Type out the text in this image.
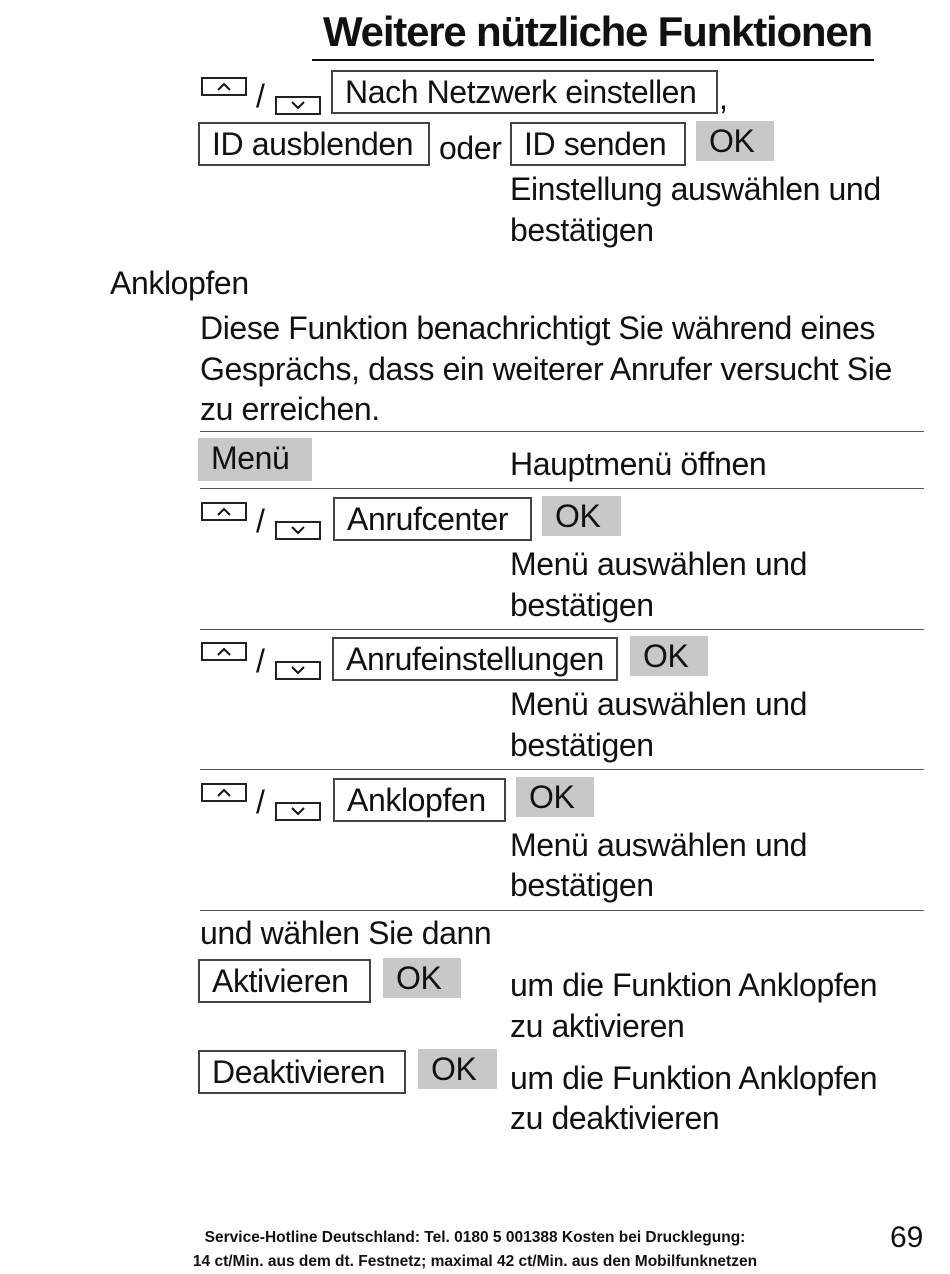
Weitere nützliche Funktionen
/	Nach Netzwerk einstellen ,
ID ausblenden oder ID senden	OK
Einstellung auswählen und
bestätigen
Anklopfen
Diese Funktion benachrichtigt Sie während eines
Gesprächs, dass ein weiterer Anrufer versucht Sie
zu erreichen.
Menü	Hauptmenü öffnen
/	Anrufcenter	OK
Menü auswählen und
bestätigen
/	Anrufeinstellungen	OK
Menü auswählen und
bestätigen
/	Anklopfen	OK
Menü auswählen und
bestätigen
und wählen Sie dann
Aktivieren	OK	um die Funktion Anklopfen
zu aktivieren
Deaktivieren	OK	um die Funktion Anklopfen
zu deaktivieren
Service-Hotline Deutschland: Tel. 0180 5 001388 Kosten bei Drucklegung:
14 ct/Min. aus dem dt. Festnetz; maximal 42 ct/Min. aus den Mobilfunknetzen
69
